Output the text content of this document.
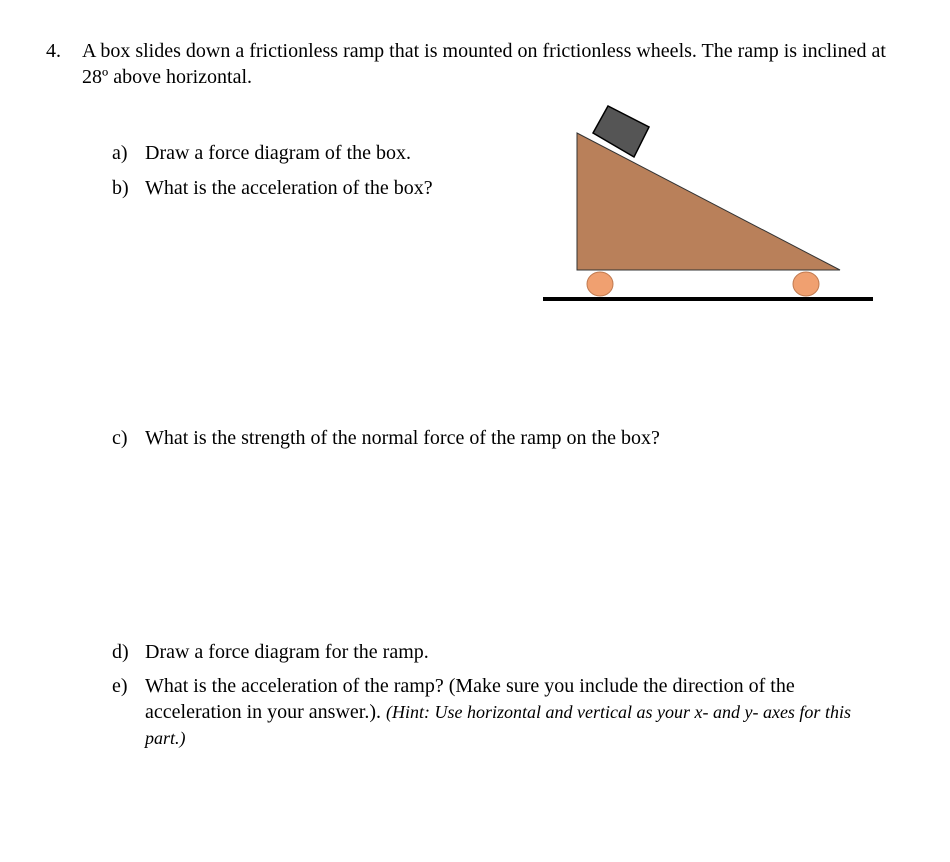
4. A box slides down a frictionless ramp that is mounted on frictionless wheels. The ramp is inclined at 28º above horizontal.
a) Draw a force diagram of the box.
b) What is the acceleration of the box?
c) What is the strength of the normal force of the ramp on the box?
d) Draw a force diagram for the ramp.
e) What is the acceleration of the ramp? (Make sure you include the direction of the acceleration in your answer.). (Hint: Use horizontal and vertical as your x- and y- axes for this part.)
